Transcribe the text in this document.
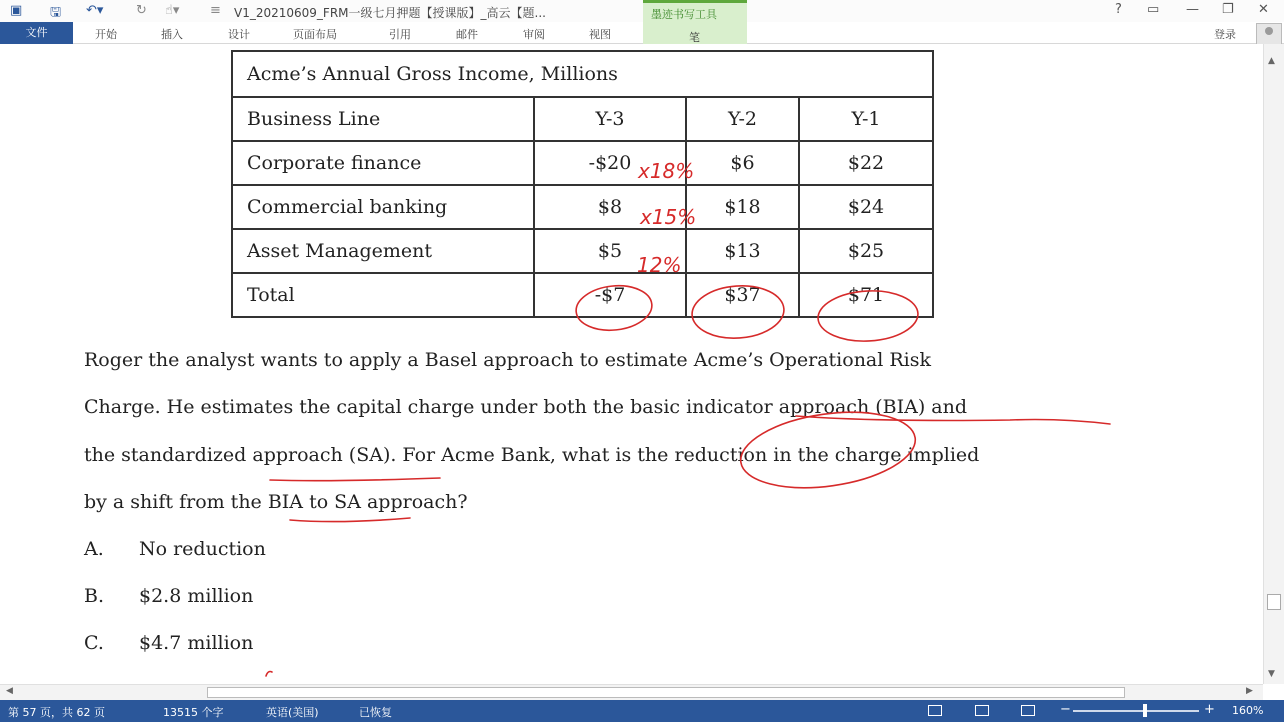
▣ 🖫 ↶▾	↻ ☝▾ ≡ V1_20210609_FRM一级七月押题【授课版】_高云【题...	? ▭ — ❐ ✕
文件	开始	插入	设计	页面布局	引用	邮件	审阅	视图	登录
墨迹书写工具
笔
Acme’s Annual Gross Income, Millions			
Business Line	Y-3	Y-2	Y-1
Corporate finance	-$20	$6	$22
Commercial banking	$8	$18	$24
Asset Management	$5	$13	$25
Total	-$7	$37	$71
Roger the analyst wants to apply a Basel approach to estimate Acme’s Operational Risk
Charge. He estimates the capital charge under both the basic indicator approach (BIA) and
the standardized approach (SA). For Acme Bank, what is the reduction in the charge implied
by a shift from the BIA to SA approach?
A. No reduction
B. $2.8 million
C. $4.7 million
x18%
x15%
12%
▲
▼
◀	▶
第 57 页，共 62 页	13515 个字	英语(美国)	已恢复	−	+ 160%
